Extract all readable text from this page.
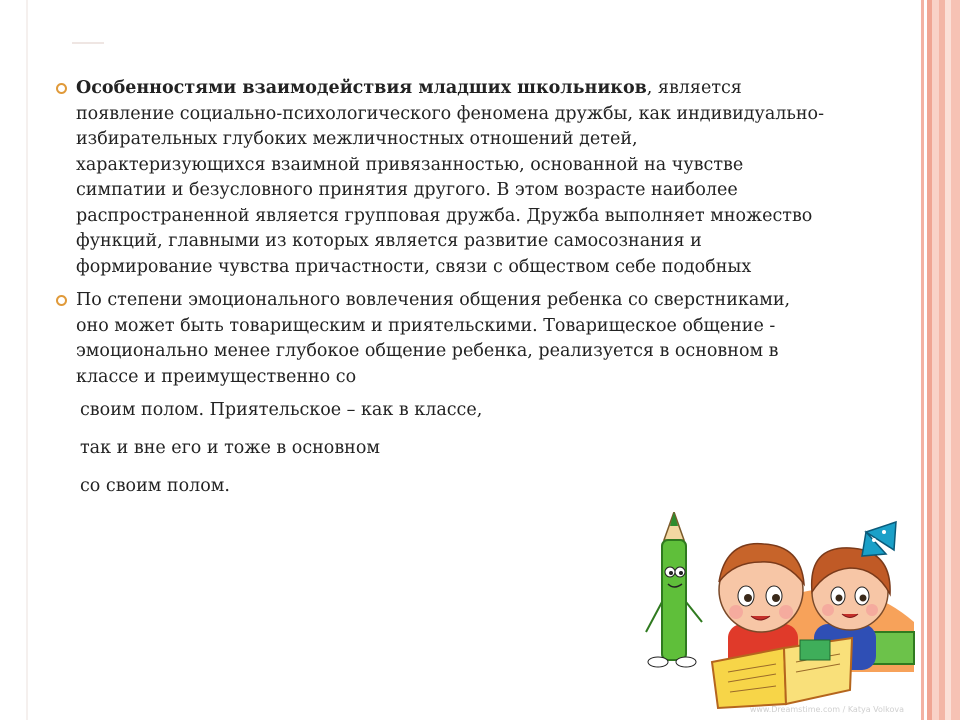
Особенностями взаимодействия младших школьников, является появление социально-психологического феномена дружбы, как индивидуально-избирательных глубоких межличностных отношений детей, характеризующихся взаимной привязанностью, основанной на чувстве симпатии и безусловного принятия другого. В этом возрасте наиболее распространенной является групповая дружба. Дружба выполняет множество функций, главными из которых является развитие самосознания и формирование чувства причастности, связи с обществом себе подобных

По степени эмоционального вовлечения общения ребенка со сверстниками, оно может быть товарищеским и приятельскими. Товарищеское общение - эмоционально менее глубокое общение ребенка, реализуется в основном в классе и преимущественно со

своим полом. Приятельское – как в классе,
так и вне его и тоже в основном
со своим полом.
www.Dreamstime.com / Katya Volkova
